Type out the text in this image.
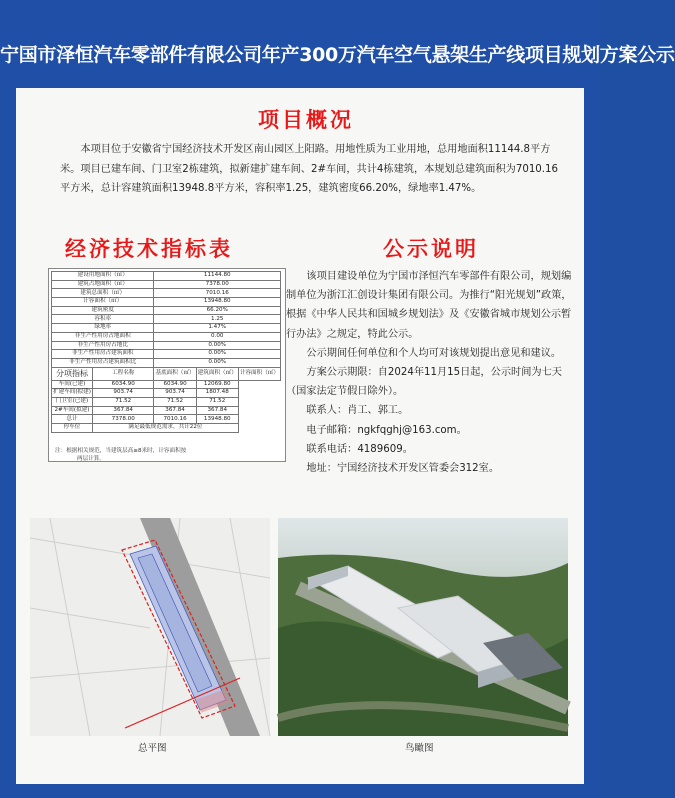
宁国市泽恒汽车零部件有限公司年产300万汽车空气悬架生产线项目规划方案公示
项目概况

本项目位于安徽省宁国经济技术开发区南山园区上阳路。用地性质为工业用地，总用地面积11144.8平方米。项目已建车间、门卫室2栋建筑，拟新建扩建车间、2#车间，共计4栋建筑，本规划总建筑面积为7010.16平方米，总计容建筑面积13948.8平方米，容积率1.25，建筑密度66.20%，绿地率1.47%。

经济技术指标表	公示说明
建设用地面积（㎡）		11144.80		
建筑占地面积（㎡）		7378.00		
建筑总面积（㎡）		7010.16		
计容面积（㎡）		13948.80		
建筑密度		66.20%		
容积率		1.25		
绿地率		1.47%		
非生产性用房占地面积		0.00		
非生产性用房占地比		0.00%		
非生产性用房占建筑面积		0.00%		
非生产性用房占建筑面积比		0.00%		
分项指标	工程名称	基底面积（㎡）	建筑面积（㎡）	计容面积（㎡）
车间(已建)	6034.90	6034.90	12069.80	
扩建车间(拟建)	903.74	903.74	1807.48	
门卫室(已建)	71.52	71.52	71.52	
2#车间(拟建)	367.84	367.84	367.84	
总计	7378.00	7010.16	13948.80	
停车位	满足最低规范需求，共计22位			
注：根据相关规范，当建筑层高≥8米时，计容面积按
两层计算。

该项目建设单位为宁国市泽恒汽车零部件有限公司，规划编制单位为浙江汇创设计集团有限公司。为推行“阳光规划”政策，根据《中华人民共和国城乡规划法》及《安徽省城市规划公示暂行办法》之规定，特此公示。

公示期间任何单位和个人均可对该规划提出意见和建议。

方案公示期限：自2024年11月15日起，公示时间为七天（国家法定节假日除外）。

联系人：肖工、郭工。

电子邮箱：ngkfqghj@163.com。

联系电话：4189609。

地址：宁国经济技术开发区管委会312室。

总平图	鸟瞰图
